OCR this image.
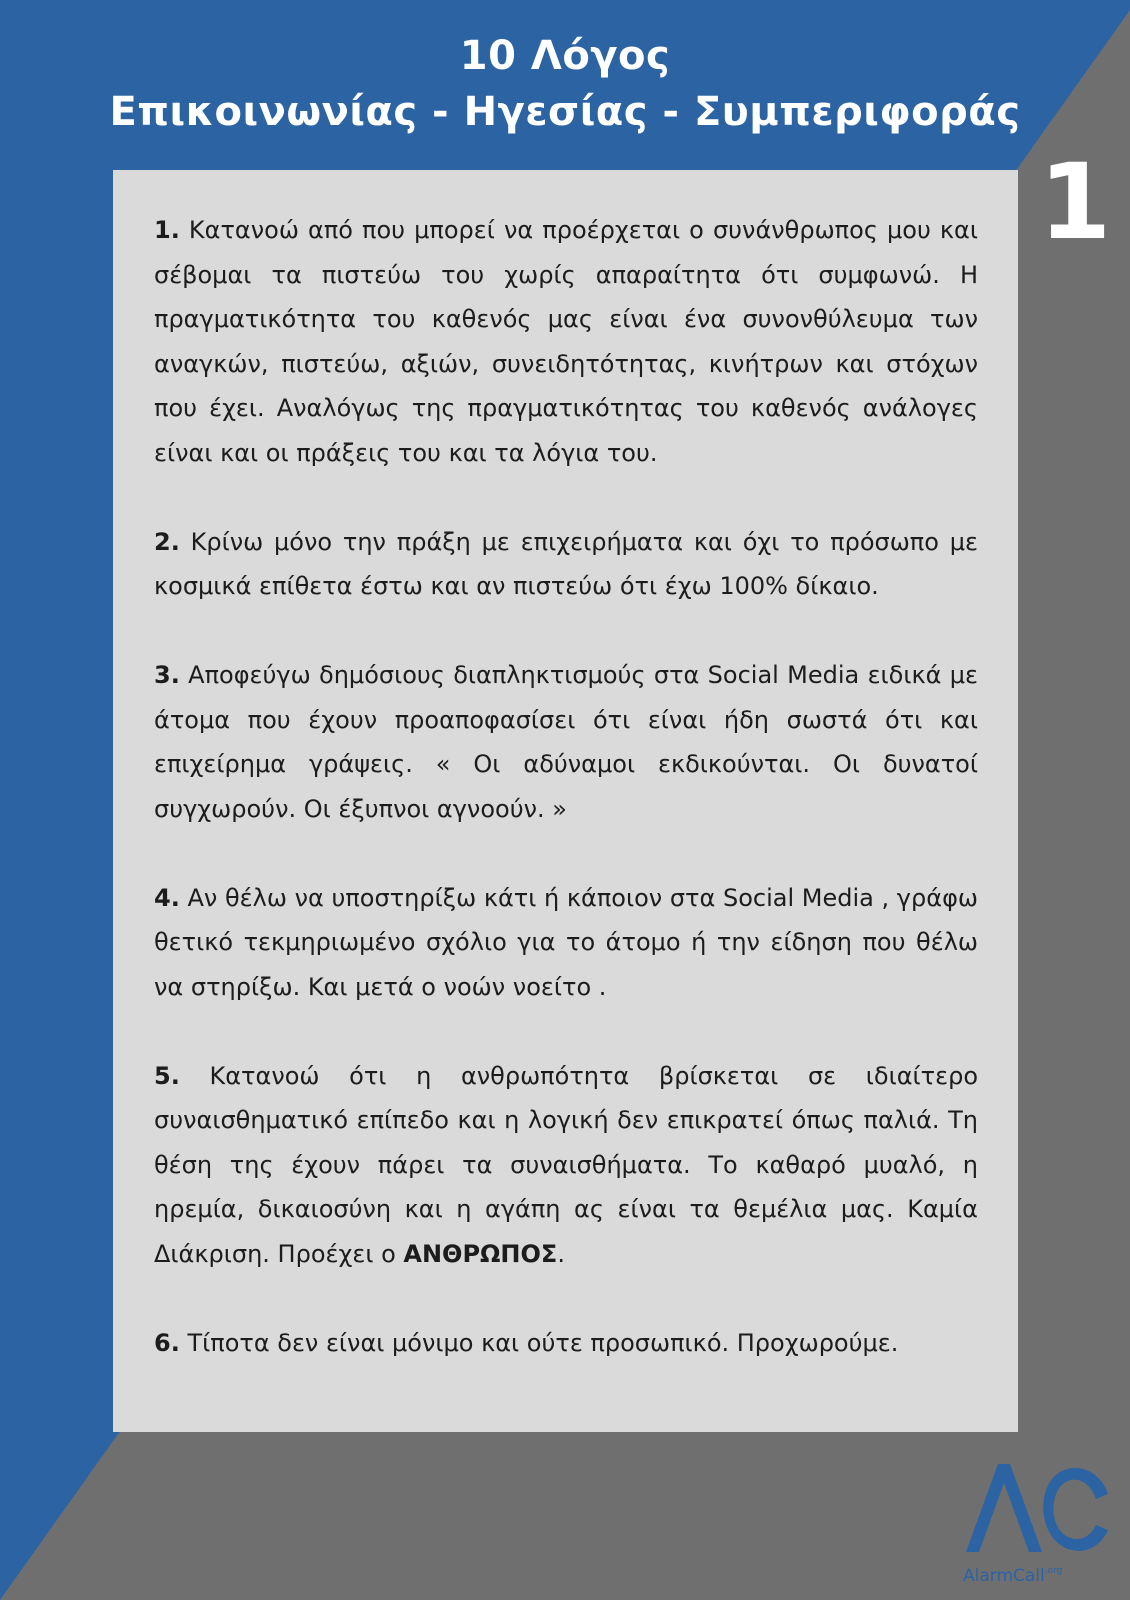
10 Λόγος
Επικοινωνίας - Ηγεσίας - Συμπεριφοράς
1

1. Κατανοώ από που μπορεί να προέρχεται ο συνάνθρωπος μου και σέβομαι τα πιστεύω του χωρίς απαραίτητα ότι συμφωνώ. Η πραγματικότητα του καθενός μας είναι ένα συνονθύλευμα των αναγκών, πιστεύω, αξιών, συνειδητότητας, κινήτρων και στόχων που έχει. Αναλόγως της πραγματικότητας του καθενός ανάλογες είναι και οι πράξεις του και τα λόγια του.

2. Κρίνω μόνο την πράξη με επιχειρήματα και όχι το πρόσωπο με κοσμικά επίθετα έστω και αν πιστεύω ότι έχω 100% δίκαιο.

3. Αποφεύγω δημόσιους διαπληκτισμούς στα Social Media ειδικά με άτομα που έχουν προαποφασίσει ότι είναι ήδη σωστά ότι και επιχείρημα γράψεις. « Οι αδύναμοι εκδικούνται. Οι δυνατοί συγχωρούν. Οι έξυπνοι αγνοούν. »

4. Αν θέλω να υποστηρίξω κάτι ή κάποιον στα Social Media , γράφω θετικό τεκμηριωμένο σχόλιο για το άτομο ή την είδηση που θέλω να στηρίξω. Και μετά ο νοών νοείτο .

5. Κατανοώ ότι η ανθρωπότητα βρίσκεται σε ιδιαίτερο συναισθηματικό επίπεδο και η λογική δεν επικρατεί όπως παλιά. Τη θέση της έχουν πάρει τα συναισθήματα. Το καθαρό μυαλό, η ηρεμία, δικαιοσύνη και η αγάπη ας είναι τα θεμέλια μας. Καμία Διάκριση. Προέχει ο ΑΝΘΡΩΠΟΣ.

6. Τίποτα δεν είναι μόνιμο και ούτε προσωπικό. Προχωρούμε.

AlarmCall$^{.org}$
